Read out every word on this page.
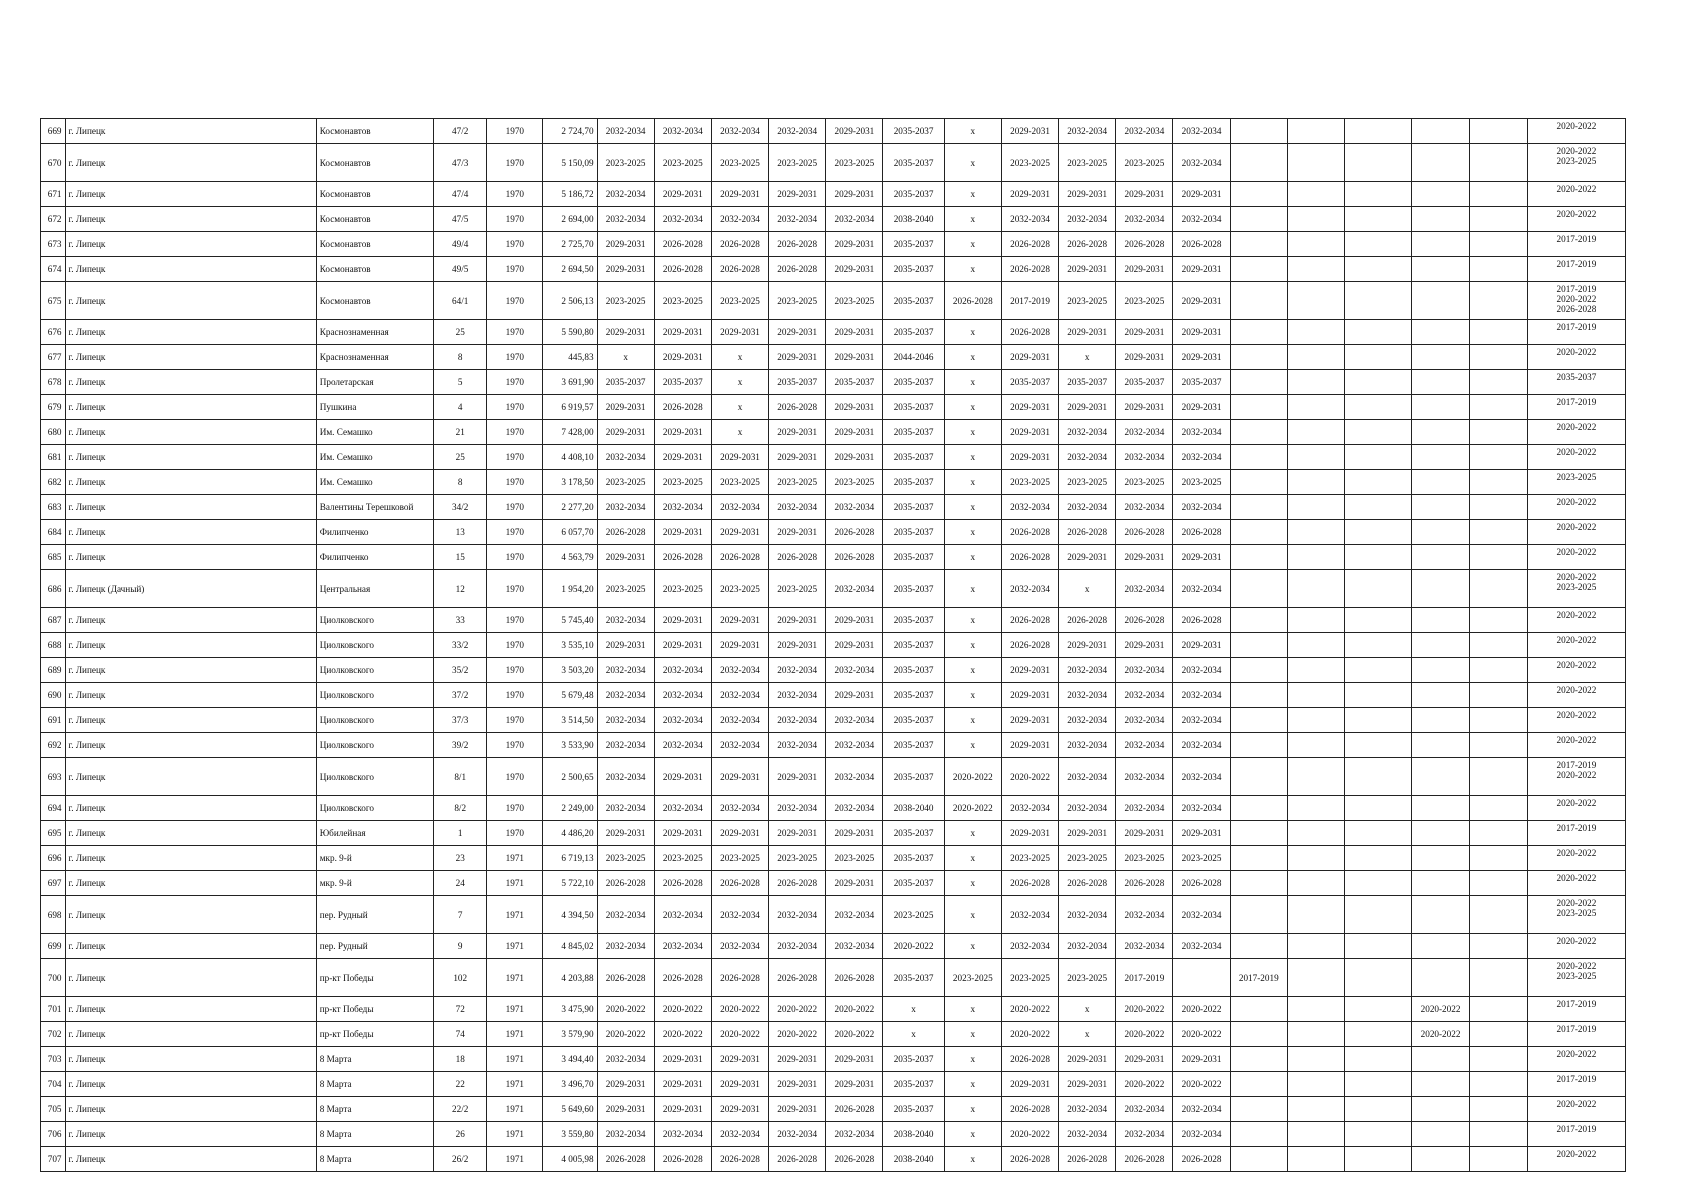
669	г. Липецк	Космонавтов	47/2	1970	2 724,70	2032-2034	2032-2034	2032-2034	2032-2034	2029-2031	2035-2037	x	2029-2031	2032-2034	2032-2034	2032-2034						2020-2022
670	г. Липецк	Космонавтов	47/3	1970	5 150,09	2023-2025	2023-2025	2023-2025	2023-2025	2023-2025	2035-2037	x	2023-2025	2023-2025	2023-2025	2032-2034						2020-2022
2023-2025
671	г. Липецк	Космонавтов	47/4	1970	5 186,72	2032-2034	2029-2031	2029-2031	2029-2031	2029-2031	2035-2037	x	2029-2031	2029-2031	2029-2031	2029-2031						2020-2022
672	г. Липецк	Космонавтов	47/5	1970	2 694,00	2032-2034	2032-2034	2032-2034	2032-2034	2032-2034	2038-2040	x	2032-2034	2032-2034	2032-2034	2032-2034						2020-2022
673	г. Липецк	Космонавтов	49/4	1970	2 725,70	2029-2031	2026-2028	2026-2028	2026-2028	2029-2031	2035-2037	x	2026-2028	2026-2028	2026-2028	2026-2028						2017-2019
674	г. Липецк	Космонавтов	49/5	1970	2 694,50	2029-2031	2026-2028	2026-2028	2026-2028	2029-2031	2035-2037	x	2026-2028	2029-2031	2029-2031	2029-2031						2017-2019
675	г. Липецк	Космонавтов	64/1	1970	2 506,13	2023-2025	2023-2025	2023-2025	2023-2025	2023-2025	2035-2037	2026-2028	2017-2019	2023-2025	2023-2025	2029-2031						2017-2019
2020-2022
2026-2028
676	г. Липецк	Краснознаменная	25	1970	5 590,80	2029-2031	2029-2031	2029-2031	2029-2031	2029-2031	2035-2037	x	2026-2028	2029-2031	2029-2031	2029-2031						2017-2019
677	г. Липецк	Краснознаменная	8	1970	445,83	x	2029-2031	x	2029-2031	2029-2031	2044-2046	x	2029-2031	x	2029-2031	2029-2031						2020-2022
678	г. Липецк	Пролетарская	5	1970	3 691,90	2035-2037	2035-2037	x	2035-2037	2035-2037	2035-2037	x	2035-2037	2035-2037	2035-2037	2035-2037						2035-2037
679	г. Липецк	Пушкина	4	1970	6 919,57	2029-2031	2026-2028	x	2026-2028	2029-2031	2035-2037	x	2029-2031	2029-2031	2029-2031	2029-2031						2017-2019
680	г. Липецк	Им. Семашко	21	1970	7 428,00	2029-2031	2029-2031	x	2029-2031	2029-2031	2035-2037	x	2029-2031	2032-2034	2032-2034	2032-2034						2020-2022
681	г. Липецк	Им. Семашко	25	1970	4 408,10	2032-2034	2029-2031	2029-2031	2029-2031	2029-2031	2035-2037	x	2029-2031	2032-2034	2032-2034	2032-2034						2020-2022
682	г. Липецк	Им. Семашко	8	1970	3 178,50	2023-2025	2023-2025	2023-2025	2023-2025	2023-2025	2035-2037	x	2023-2025	2023-2025	2023-2025	2023-2025						2023-2025
683	г. Липецк	Валентины Терешковой	34/2	1970	2 277,20	2032-2034	2032-2034	2032-2034	2032-2034	2032-2034	2035-2037	x	2032-2034	2032-2034	2032-2034	2032-2034						2020-2022
684	г. Липецк	Филипченко	13	1970	6 057,70	2026-2028	2029-2031	2029-2031	2029-2031	2026-2028	2035-2037	x	2026-2028	2026-2028	2026-2028	2026-2028						2020-2022
685	г. Липецк	Филипченко	15	1970	4 563,79	2029-2031	2026-2028	2026-2028	2026-2028	2026-2028	2035-2037	x	2026-2028	2029-2031	2029-2031	2029-2031						2020-2022
686	г. Липецк (Дачный)	Центральная	12	1970	1 954,20	2023-2025	2023-2025	2023-2025	2023-2025	2032-2034	2035-2037	x	2032-2034	x	2032-2034	2032-2034						2020-2022
2023-2025
687	г. Липецк	Циолковского	33	1970	5 745,40	2032-2034	2029-2031	2029-2031	2029-2031	2029-2031	2035-2037	x	2026-2028	2026-2028	2026-2028	2026-2028						2020-2022
688	г. Липецк	Циолковского	33/2	1970	3 535,10	2029-2031	2029-2031	2029-2031	2029-2031	2029-2031	2035-2037	x	2026-2028	2029-2031	2029-2031	2029-2031						2020-2022
689	г. Липецк	Циолковского	35/2	1970	3 503,20	2032-2034	2032-2034	2032-2034	2032-2034	2032-2034	2035-2037	x	2029-2031	2032-2034	2032-2034	2032-2034						2020-2022
690	г. Липецк	Циолковского	37/2	1970	5 679,48	2032-2034	2032-2034	2032-2034	2032-2034	2029-2031	2035-2037	x	2029-2031	2032-2034	2032-2034	2032-2034						2020-2022
691	г. Липецк	Циолковского	37/3	1970	3 514,50	2032-2034	2032-2034	2032-2034	2032-2034	2032-2034	2035-2037	x	2029-2031	2032-2034	2032-2034	2032-2034						2020-2022
692	г. Липецк	Циолковского	39/2	1970	3 533,90	2032-2034	2032-2034	2032-2034	2032-2034	2032-2034	2035-2037	x	2029-2031	2032-2034	2032-2034	2032-2034						2020-2022
693	г. Липецк	Циолковского	8/1	1970	2 500,65	2032-2034	2029-2031	2029-2031	2029-2031	2032-2034	2035-2037	2020-2022	2020-2022	2032-2034	2032-2034	2032-2034						2017-2019
2020-2022
694	г. Липецк	Циолковского	8/2	1970	2 249,00	2032-2034	2032-2034	2032-2034	2032-2034	2032-2034	2038-2040	2020-2022	2032-2034	2032-2034	2032-2034	2032-2034						2020-2022
695	г. Липецк	Юбилейная	1	1970	4 486,20	2029-2031	2029-2031	2029-2031	2029-2031	2029-2031	2035-2037	x	2029-2031	2029-2031	2029-2031	2029-2031						2017-2019
696	г. Липецк	мкр. 9-й	23	1971	6 719,13	2023-2025	2023-2025	2023-2025	2023-2025	2023-2025	2035-2037	x	2023-2025	2023-2025	2023-2025	2023-2025						2020-2022
697	г. Липецк	мкр. 9-й	24	1971	5 722,10	2026-2028	2026-2028	2026-2028	2026-2028	2029-2031	2035-2037	x	2026-2028	2026-2028	2026-2028	2026-2028						2020-2022
698	г. Липецк	пер. Рудный	7	1971	4 394,50	2032-2034	2032-2034	2032-2034	2032-2034	2032-2034	2023-2025	x	2032-2034	2032-2034	2032-2034	2032-2034						2020-2022
2023-2025
699	г. Липецк	пер. Рудный	9	1971	4 845,02	2032-2034	2032-2034	2032-2034	2032-2034	2032-2034	2020-2022	x	2032-2034	2032-2034	2032-2034	2032-2034						2020-2022
700	г. Липецк	пр-кт Победы	102	1971	4 203,88	2026-2028	2026-2028	2026-2028	2026-2028	2026-2028	2035-2037	2023-2025	2023-2025	2023-2025	2017-2019		2017-2019					2020-2022
2023-2025
701	г. Липецк	пр-кт Победы	72	1971	3 475,90	2020-2022	2020-2022	2020-2022	2020-2022	2020-2022	x	x	2020-2022	x	2020-2022	2020-2022				2020-2022		2017-2019
702	г. Липецк	пр-кт Победы	74	1971	3 579,90	2020-2022	2020-2022	2020-2022	2020-2022	2020-2022	x	x	2020-2022	x	2020-2022	2020-2022				2020-2022		2017-2019
703	г. Липецк	8 Марта	18	1971	3 494,40	2032-2034	2029-2031	2029-2031	2029-2031	2029-2031	2035-2037	x	2026-2028	2029-2031	2029-2031	2029-2031						2020-2022
704	г. Липецк	8 Марта	22	1971	3 496,70	2029-2031	2029-2031	2029-2031	2029-2031	2029-2031	2035-2037	x	2029-2031	2029-2031	2020-2022	2020-2022						2017-2019
705	г. Липецк	8 Марта	22/2	1971	5 649,60	2029-2031	2029-2031	2029-2031	2029-2031	2026-2028	2035-2037	x	2026-2028	2032-2034	2032-2034	2032-2034						2020-2022
706	г. Липецк	8 Марта	26	1971	3 559,80	2032-2034	2032-2034	2032-2034	2032-2034	2032-2034	2038-2040	x	2020-2022	2032-2034	2032-2034	2032-2034						2017-2019
707	г. Липецк	8 Марта	26/2	1971	4 005,98	2026-2028	2026-2028	2026-2028	2026-2028	2026-2028	2038-2040	x	2026-2028	2026-2028	2026-2028	2026-2028						2020-2022
